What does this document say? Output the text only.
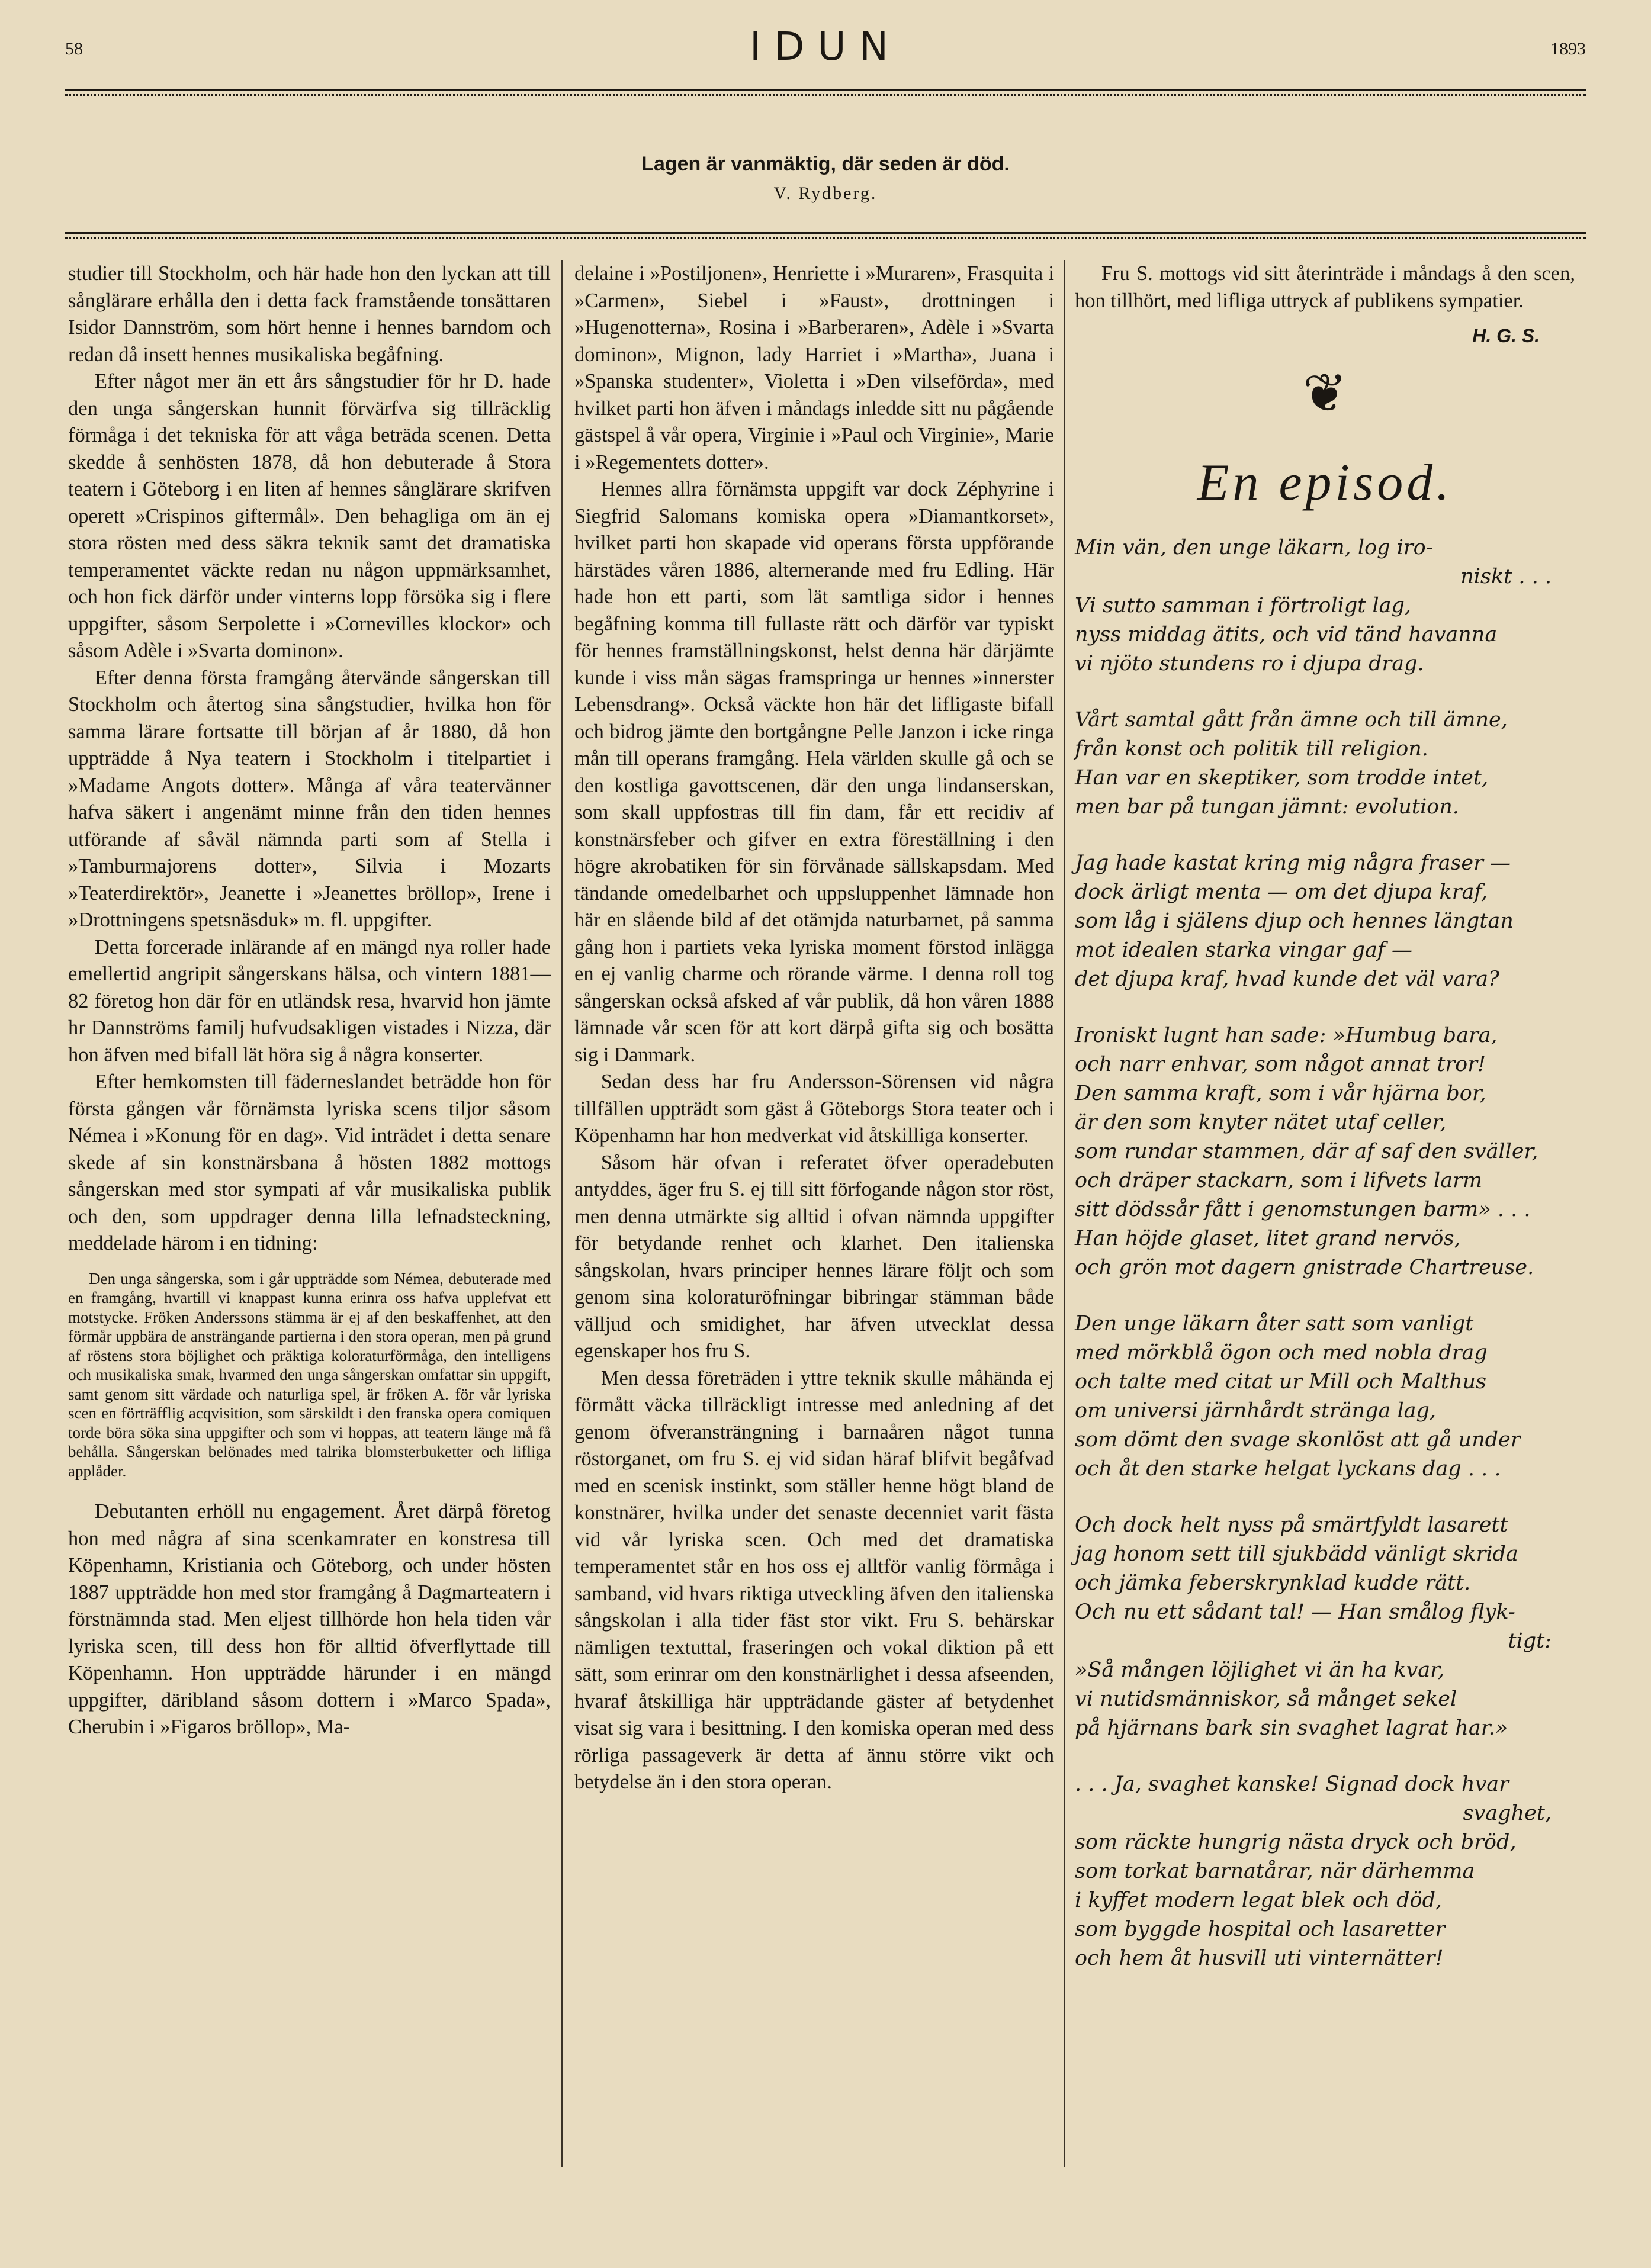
58	IDUN	1893
Lagen är vanmäktig, där seden är död.
V. Rydberg.

studier till Stockholm, och här hade hon den lyckan att till sånglärare erhålla den i detta fack framstående tonsättaren Isidor Dannström, som hört henne i hennes barndom och redan då insett hennes musikaliska begåfning.

Efter något mer än ett års sångstudier för hr D. hade den unga sångerskan hunnit förvärfva sig tillräcklig förmåga i det tekniska för att våga beträda scenen. Detta skedde å senhösten 1878, då hon debuterade å Stora teatern i Göteborg i en liten af hennes sånglärare skrifven operett »Crispinos giftermål». Den behagliga om än ej stora rösten med dess säkra teknik samt det dramatiska temperamentet väckte redan nu någon uppmärksamhet, och hon fick därför under vinterns lopp försöka sig i flere uppgifter, såsom Serpolette i »Cornevilles klockor» och såsom Adèle i »Svarta dominon».

Efter denna första framgång återvände sångerskan till Stockholm och återtog sina sångstudier, hvilka hon för samma lärare fortsatte till början af år 1880, då hon uppträdde å Nya teatern i Stockholm i titelpartiet i »Madame Angots dotter». Många af våra teatervänner hafva säkert i angenämt minne från den tiden hennes utförande af såväl nämnda parti som af Stella i »Tamburmajorens dotter», Silvia i Mozarts »Teaterdirektör», Jeanette i »Jeanettes bröllop», Irene i »Drottningens spetsnäsduk» m. fl. uppgifter.

Detta forcerade inlärande af en mängd nya roller hade emellertid angripit sångerskans hälsa, och vintern 1881—82 företog hon där för en utländsk resa, hvarvid hon jämte hr Dannströms familj hufvudsakligen vistades i Nizza, där hon äfven med bifall lät höra sig å några konserter.

Efter hemkomsten till fäderneslandet beträdde hon för första gången vår förnämsta lyriska scens tiljor såsom Némea i »Konung för en dag». Vid inträdet i detta senare skede af sin konstnärsbana å hösten 1882 mottogs sångerskan med stor sympati af vår musikaliska publik och den, som uppdrager denna lilla lefnadsteckning, meddelade härom i en tidning:

Den unga sångerska, som i går uppträdde som Némea, debuterade med en framgång, hvartill vi knappast kunna erinra oss hafva upplefvat ett motstycke. Fröken Anderssons stämma är ej af den beskaffenhet, att den förmår uppbära de ansträngande partierna i den stora operan, men på grund af röstens stora böjlighet och präktiga koloraturförmåga, den intelligens och musikaliska smak, hvarmed den unga sångerskan omfattar sin uppgift, samt genom sitt värdade och naturliga spel, är fröken A. för vår lyriska scen en förträfflig acqvisition, som särskildt i den franska opera comiquen torde böra söka sina uppgifter och som vi hoppas, att teatern länge må få behålla. Sångerskan belönades med talrika blomsterbuketter och lifliga applåder.

Debutanten erhöll nu engagement. Året därpå företog hon med några af sina scenkamrater en konstresa till Köpenhamn, Kristiania och Göteborg, och under hösten 1887 uppträdde hon med stor framgång å Dagmarteatern i förstnämnda stad. Men eljest tillhörde hon hela tiden vår lyriska scen, till dess hon för alltid öfverflyttade till Köpenhamn. Hon uppträdde härunder i en mängd uppgifter, däribland såsom dottern i »Marco Spada», Cherubin i »Figaros bröllop», Ma-

delaine i »Postiljonen», Henriette i »Muraren», Frasquita i »Carmen», Siebel i »Faust», drottningen i »Hugenotterna», Rosina i »Barberaren», Adèle i »Svarta dominon», Mignon, lady Harriet i »Martha», Juana i »Spanska studenter», Violetta i »Den vilseförda», med hvilket parti hon äfven i måndags inledde sitt nu pågående gästspel å vår opera, Virginie i »Paul och Virginie», Marie i »Regementets dotter».

Hennes allra förnämsta uppgift var dock Zéphyrine i Siegfrid Salomans komiska opera »Diamantkorset», hvilket parti hon skapade vid operans första uppförande härstädes våren 1886, alternerande med fru Edling. Här hade hon ett parti, som lät samtliga sidor i hennes begåfning komma till fullaste rätt och därför var typiskt för hennes framställningskonst, helst denna här därjämte kunde i viss mån sägas framspringa ur hennes »innerster Lebensdrang». Också väckte hon här det lifligaste bifall och bidrog jämte den bortgångne Pelle Janzon i icke ringa mån till operans framgång. Hela världen skulle gå och se den kostliga gavottscenen, där den unga lindanserskan, som skall uppfostras till fin dam, får ett recidiv af konstnärsfeber och gifver en extra föreställning i den högre akrobatiken för sin förvånade sällskapsdam. Med tändande omedelbarhet och uppsluppenhet lämnade hon här en slående bild af det otämjda naturbarnet, på samma gång hon i partiets veka lyriska moment förstod inlägga en ej vanlig charme och rörande värme. I denna roll tog sångerskan också afsked af vår publik, då hon våren 1888 lämnade vår scen för att kort därpå gifta sig och bosätta sig i Danmark.

Sedan dess har fru Andersson-Sörensen vid några tillfällen uppträdt som gäst å Göteborgs Stora teater och i Köpenhamn har hon medverkat vid åtskilliga konserter.

Såsom här ofvan i referatet öfver operadebuten antyddes, äger fru S. ej till sitt förfogande någon stor röst, men denna utmärkte sig alltid i ofvan nämnda uppgifter för betydande renhet och klarhet. Den italienska sångskolan, hvars principer hennes lärare följt och som genom sina koloraturöfningar bibringar stämman både välljud och smidighet, har äfven utvecklat dessa egenskaper hos fru S.

Men dessa företräden i yttre teknik skulle måhända ej förmått väcka tillräckligt intresse med anledning af det genom öfveransträngning i barnaåren något tunna röstorganet, om fru S. ej vid sidan häraf blifvit begåfvad med en scenisk instinkt, som ställer henne högt bland de konstnärer, hvilka under det senaste decenniet varit fästa vid vår lyriska scen. Och med det dramatiska temperamentet står en hos oss ej alltför vanlig förmåga i samband, vid hvars riktiga utveckling äfven den italienska sångskolan i alla tider fäst stor vikt. Fru S. behärskar nämligen textuttal, fraseringen och vokal diktion på ett sätt, som erinrar om den konstnärlighet i dessa afseenden, hvaraf åtskilliga här uppträdande gäster af betydenhet visat sig vara i besittning. I den komiska operan med dess rörliga passageverk är detta af ännu större vikt och betydelse än i den stora operan.

Fru S. mottogs vid sitt återinträde i måndags å den scen, hon tillhört, med lifliga uttryck af publikens sympatier.

H. G. S.
❦
En episod.
Min vän, den unge läkarn, log iro-
niskt . . .
Vi sutto samman i förtroligt lag,
nyss middag ätits, och vid tänd havanna
vi njöto stundens ro i djupa drag.
Vårt samtal gått från ämne och till ämne,
från konst och politik till religion.
Han var en skeptiker, som trodde intet,
men bar på tungan jämnt: evolution.
Jag hade kastat kring mig några fraser —
dock ärligt menta — om det djupa kraf,
som låg i själens djup och hennes längtan
mot idealen starka vingar gaf —
det djupa kraf, hvad kunde det väl vara?
Ironiskt lugnt han sade: »Humbug bara,
och narr enhvar, som något annat tror!
Den samma kraft, som i vår hjärna bor,
är den som knyter nätet utaf celler,
som rundar stammen, där af saf den sväller,
och dräper stackarn, som i lifvets larm
sitt dödssår fått i genomstungen barm» . . .
Han höjde glaset, litet grand nervös,
och grön mot dagern gnistrade Chartreuse.
Den unge läkarn åter satt som vanligt
med mörkblå ögon och med nobla drag
och talte med citat ur Mill och Malthus
om universi järnhårdt stränga lag,
som dömt den svage skonlöst att gå under
och åt den starke helgat lyckans dag . . .
Och dock helt nyss på smärtfyldt lasarett
jag honom sett till sjukbädd vänligt skrida
och jämka feberskrynklad kudde rätt.
Och nu ett sådant tal! — Han smålog flyk-
tigt:
»Så mången löjlighet vi än ha kvar,
vi nutidsmänniskor, så månget sekel
på hjärnans bark sin svaghet lagrat har.»
. . . Ja, svaghet kanske! Signad dock hvar
svaghet,
som räckte hungrig nästa dryck och bröd,
som torkat barnatårar, när därhemma
i kyffet modern legat blek och död,
som byggde hospital och lasaretter
och hem åt husvill uti vinternätter!
